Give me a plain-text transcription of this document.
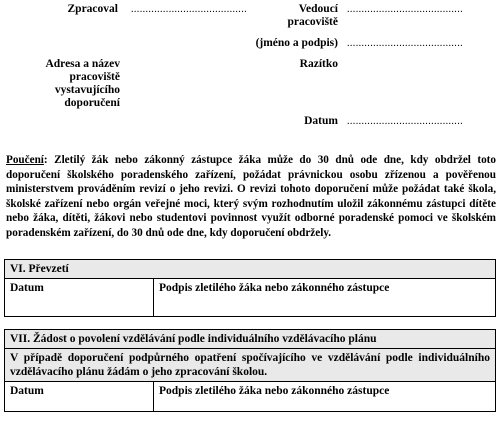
Zpracoval ........................................	Vedoucí pracoviště
........................................
(jméno a podpis) ........................................
Adresa a název pracoviště vystavujícího doporučení
Razítko
Datum ........................................
Poučení: Zletilý žák nebo zákonný zástupce žáka může do 30 dnů ode dne, kdy obdržel toto doporučení školského poradenského zařízení, požádat právnickou osobu zřízenou a pověřenou ministerstvem prováděním revizí o jeho revizi. O revizi tohoto doporučení může požádat také škola, školské zařízení nebo orgán veřejné moci, který svým rozhodnutím uložil zákonnému zástupci dítěte nebo žáka, dítěti, žákovi nebo studentovi povinnost využít odborné poradenské pomoci ve školském poradenském zařízení, do 30 dnů ode dne, kdy doporučení obdržely.
VI. Převzetí
Datum	Podpis zletilého žáka nebo zákonného zástupce
VII. Žádost o povolení vzdělávání podle individuálního vzdělávacího plánu
V případě doporučení podpůrného opatření spočívajícího ve vzdělávání podle individuálního vzdělávacího plánu žádám o jeho zpracování školou.
Datum	Podpis zletilého žáka nebo zákonného zástupce
